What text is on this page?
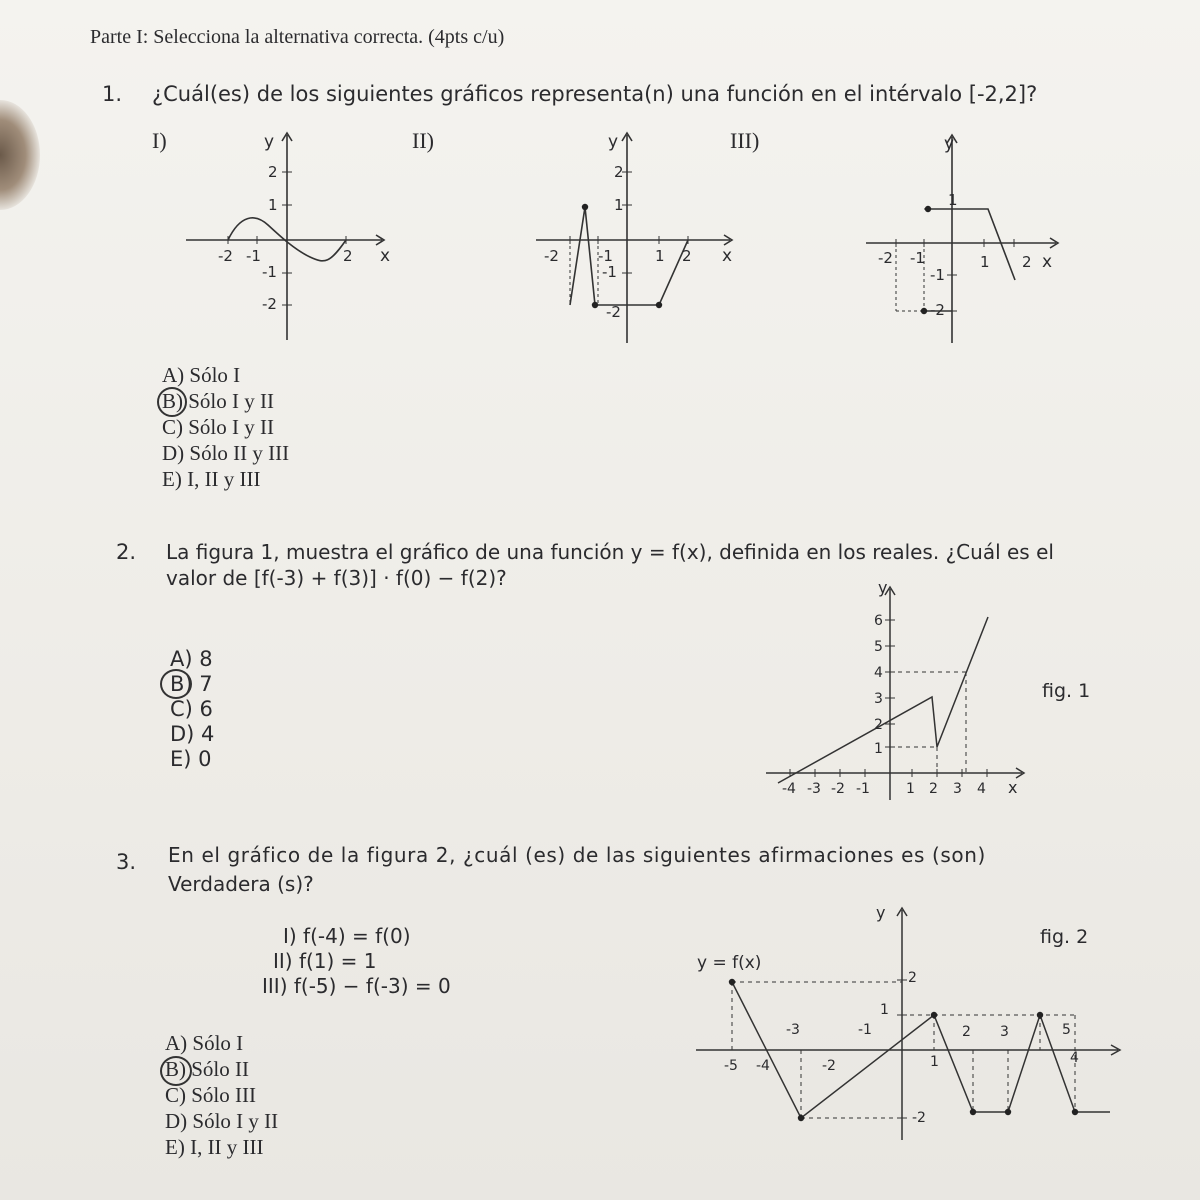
Parte I: Selecciona la alternativa correcta. (4pts c/u)
1. ¿Cuál(es) de los siguientes gráficos representa(n) una función en el intérvalo [-2,2]?
I)	II)	III)
-2 -1	2 x
y
2
1
-1
-2
-2	-1	1 2 x
y
2
1
-1
-2
-2 -1	1 2 x
y
1
-1
-2
A) Sólo I
B) Sólo I y II
C) Sólo I y II
D) Sólo II y III
E) I, II y III
2. La figura 1, muestra el gráfico de una función y = f(x), definida en los reales. ¿Cuál es el
valor de [f(-3) + f(3)] · f(0) − f(2)?
A) 8
B) 7
C) 6
D) 4
E) 0
fig. 1
-4 -3 -2 -1	1 2 3 4 x
y
6
5
4
3
2
1
3. En el gráfico de la figura 2, ¿cuál (es) de las siguientes afirmaciones es (son)
Verdadera (s)?
I) f(-4) = f(0)
II) f(1) = 1
III) f(-5) − f(-3) = 0
A) Sólo I
B) Sólo II
C) Sólo III
D) Sólo I y II
E) I, II y III
fig. 2
y = f(x)
-5 -4
-3
-2
-1
1
2 3
4
5
y
2
1
-2
